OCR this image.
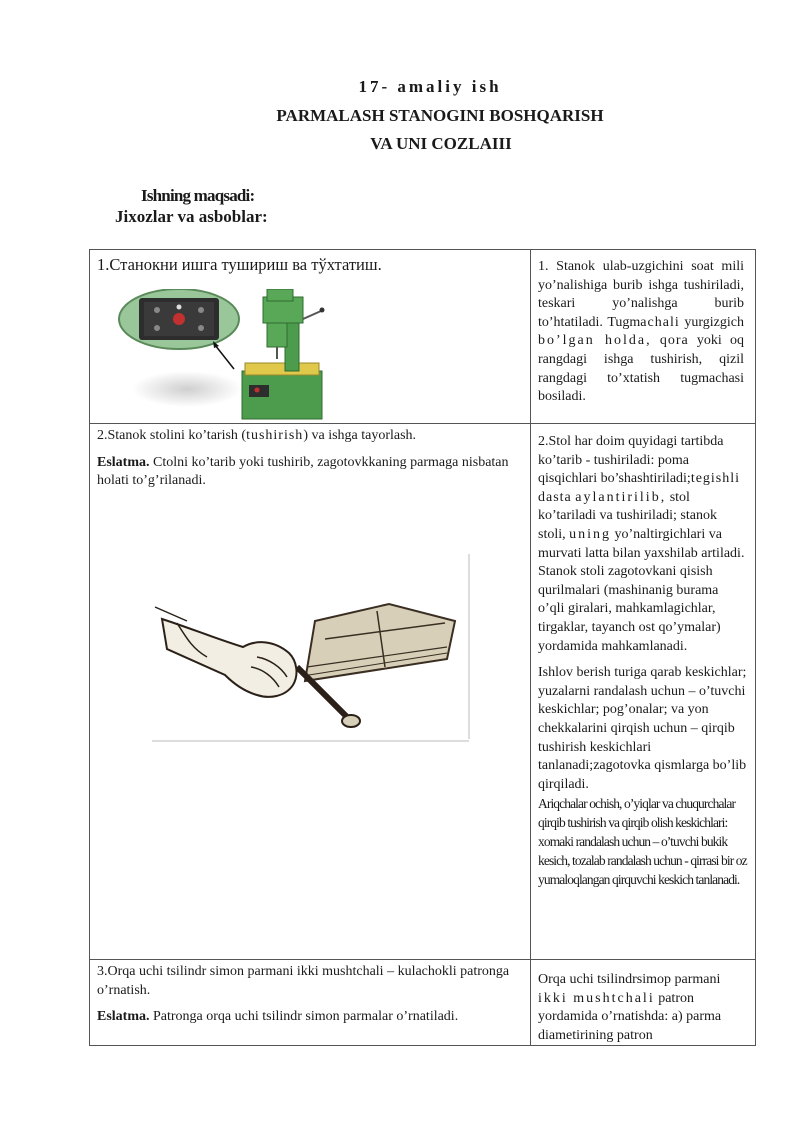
17- amaliy ish
PARMALASH STANOGINI BOSHQARISH
VA UNI COZLAIII
Ishning maqsadi:
Jixozlar va asboblar:
1.Станокни ишга тушириш ва тўхтатиш.	1. Stanok ulab-uzgichini soat mili yo’nalishiga burib ishga tushiriladi, teskari yo’nalishga burib to’htatiladi. Tugmachali yurgizgich bo’lgan holda, qora yoki oq rangdagi ishga tushirish, qizil rangdagi to’xtatish tugmachasi bosiladi.
2.Stanok stolini ko’tarish (tushirish) va ishga tayorlash.
Eslatma. Ctolni ko’tarib yoki tushirib, zagotovkkaning parmaga nisbatan holati to’g’rilanadi.
2.Stol har doim quyidagi tartibda ko’tarib - tushiriladi: poma qisqichlari bo’shashtiriladi;tegishli dasta aylantirilib, stol ko’tariladi va tushiriladi; stanok stoli, uning yo’naltirgichlari va murvati latta bilan yaxshilab artiladi. Stanok stoli zagotovkani qisish qurilmalari (mashinanig burama o’qli giralari, mahkamlagichlar, tirgaklar, tayanch ost qo’ymalar) yordamida mahkamlanadi.
Ishlov berish turiga qarab keskichlar; yuzalarni randalash uchun – o’tuvchi keskichlar; pog’onalar; va yon chekkalarini qirqish uchun – qirqib tushirish keskichlari tanlanadi;zagotovka qismlarga bo’lib qirqiladi.
Ariqchalar ochish, o’yiqlar va chuqurchalar qirqib tushirish va qirqib olish keskichlari: xomaki randalash uchun – o’tuvchi bukik kesich, tozalab randalash uchun - qirrasi bir oz yumaloqlangan qirquvchi keskich tanlanadi.
3.Orqa uchi tsilindr simon parmani ikki mushtchali – kulachokli patronga o’rnatish.
Eslatma. Patronga orqa uchi tsilindr simon parmalar o’rnatiladi.
Orqa uchi tsilindrsimop parmani ikki mushtchali patron yordamida o’rnatishda: a) parma diametirining patron
